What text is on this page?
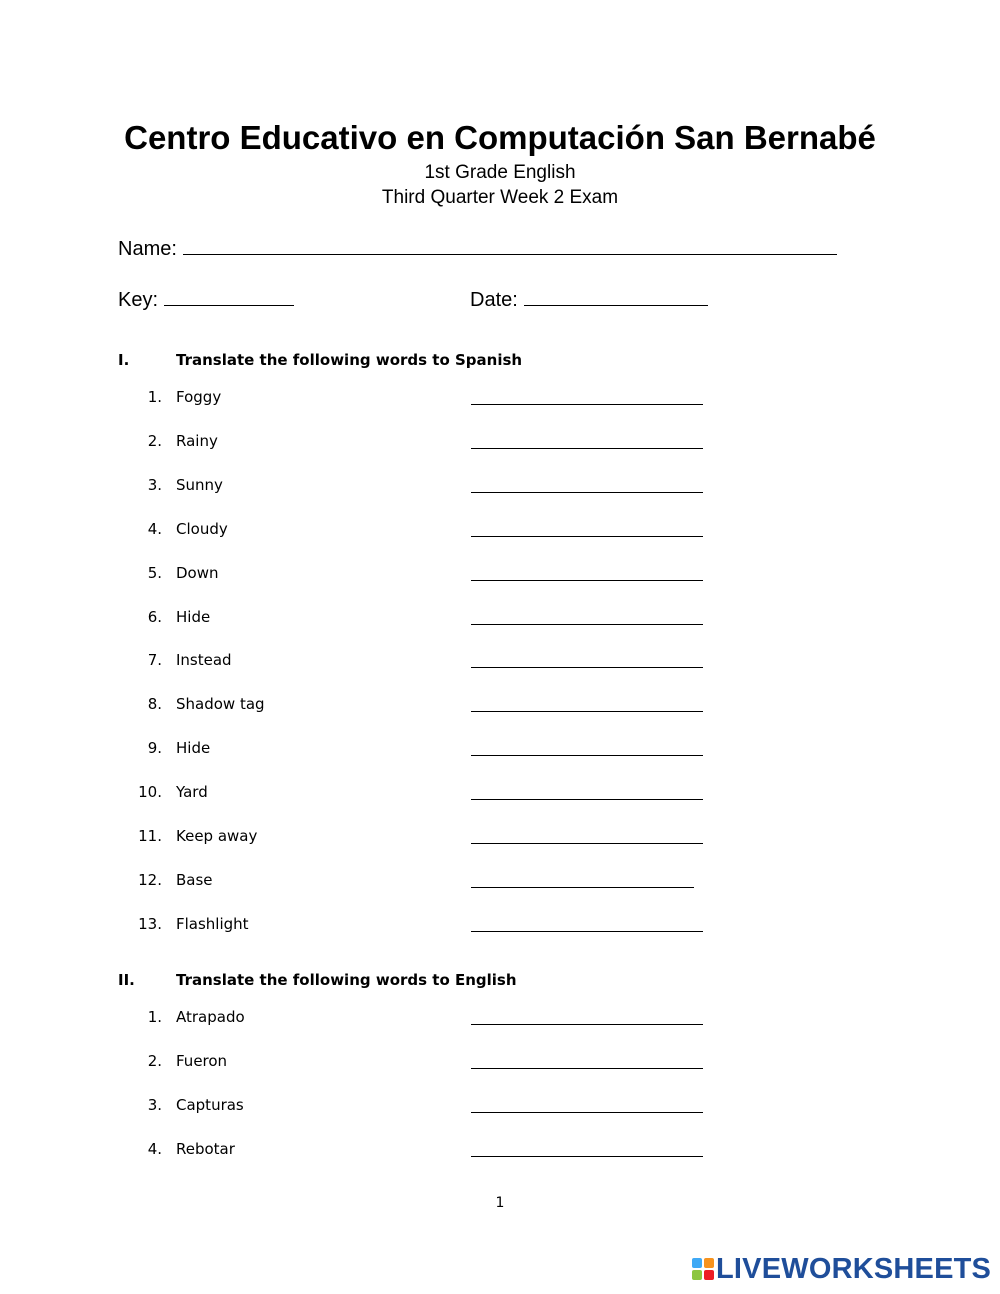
Centro Educativo en Computación San Bernabé
1st Grade English
Third Quarter Week 2 Exam
Name:
Key:	Date:
I.	Translate the following words to Spanish
1. Foggy
2. Rainy
3. Sunny
4. Cloudy
5. Down
6. Hide
7. Instead
8. Shadow tag
9. Hide
10. Yard
11. Keep away
12. Base
13. Flashlight
II.	Translate the following words to English
1. Atrapado
2. Fueron
3. Capturas
4. Rebotar
1
LIVEWORKSHEETS
